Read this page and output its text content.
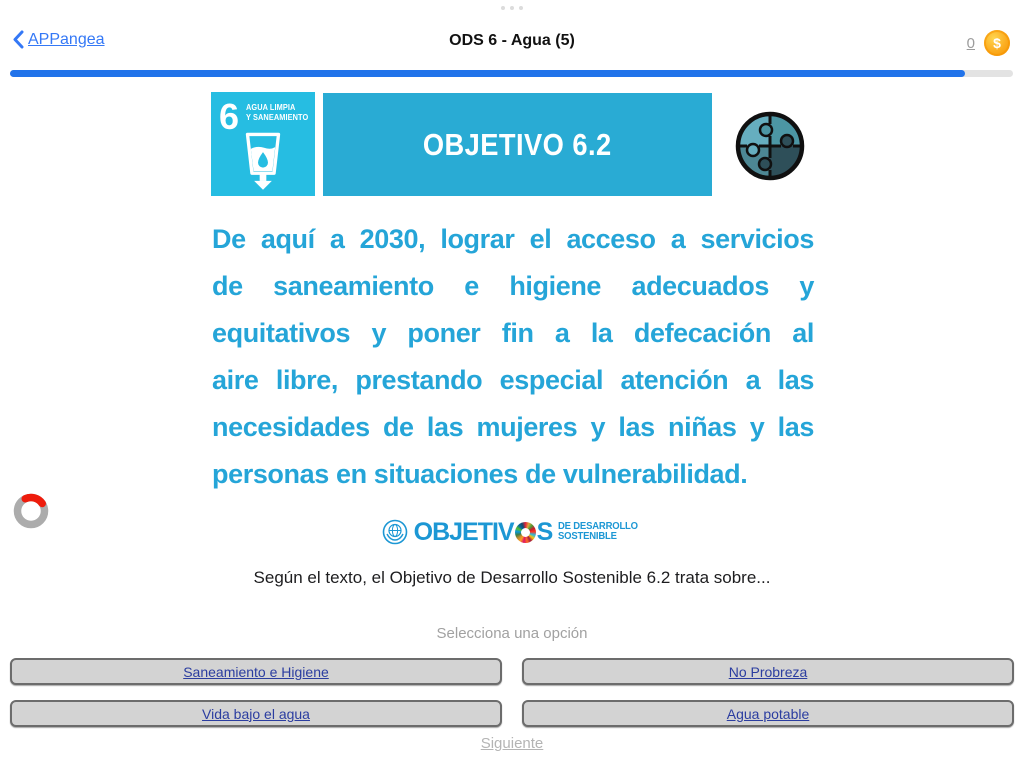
APPangea	ODS 6 - Agua (5)	0 $
6 AGUA LIMPIA
Y SANEAMIENTO
OBJETIVO 6.2
De aquí a 2030, lograr el acceso a servicios
de saneamiento e higiene adecuados y
equitativos y poner fin a la defecación al
aire libre, prestando especial atención a las
necesidades de las mujeres y las niñas y las
personas en situaciones de vulnerabilidad.
OBJETIV S DE DESARROLLO
SOSTENIBLE
Según el texto, el Objetivo de Desarrollo Sostenible 6.2 trata sobre...
Selecciona una opción
Saneamiento e Higiene	No Probreza
Vida bajo el agua	Agua potable
Siguiente
